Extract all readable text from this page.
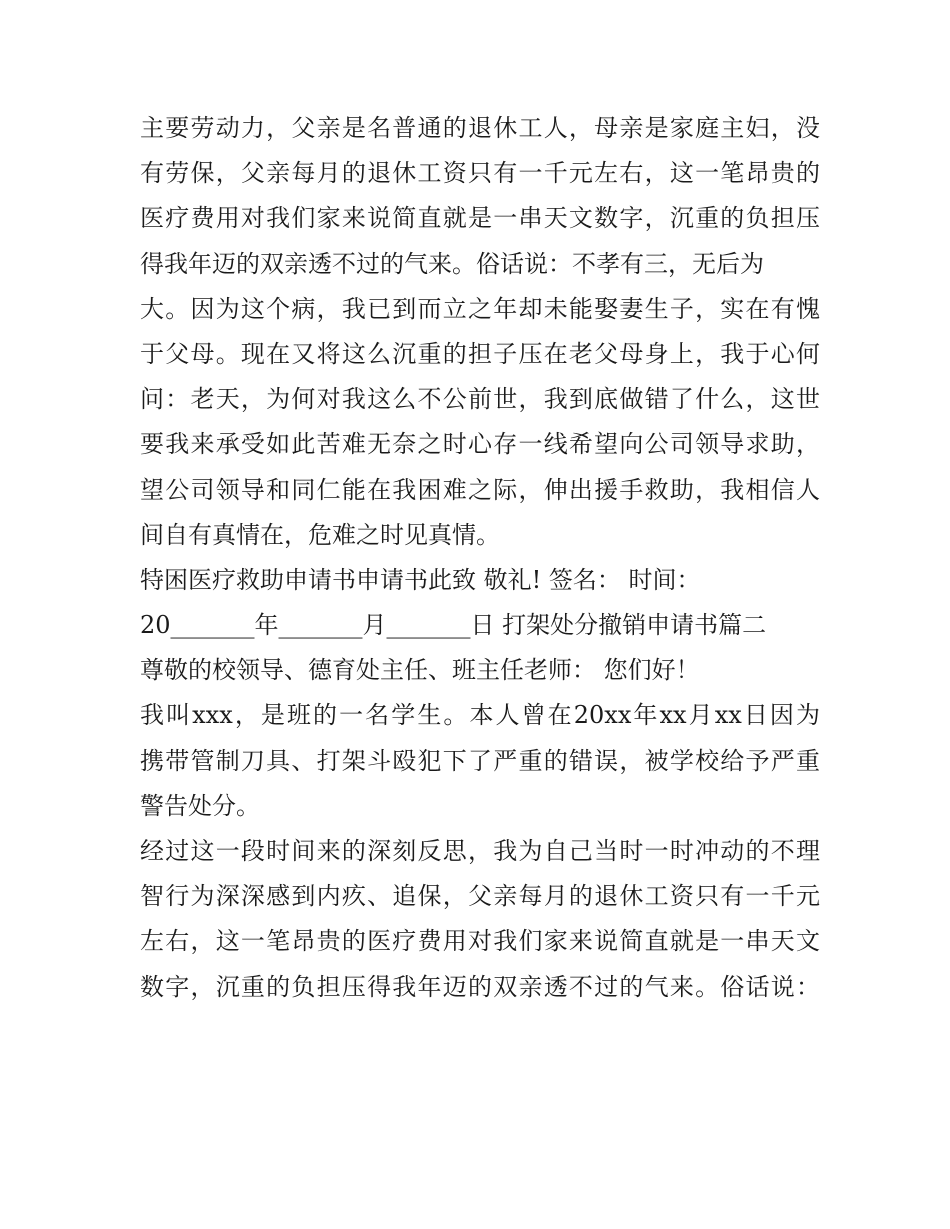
主要劳动力，父亲是名普通的退休工人，母亲是家庭主妇，没
有劳保，父亲每月的退休工资只有一千元左右，这一笔昂贵的
医疗费用对我们家来说简直就是一串天文数字，沉重的负担压
得我年迈的双亲透不过的气来。俗话说：不孝有三，无后为
大。因为这个病，我已到而立之年却未能娶妻生子，实在有愧
于父母。现在又将这么沉重的担子压在老父母身上，我于心何
问：老天，为何对我这么不公前世，我到底做错了什么，这世
要我来承受如此苦难无奈之时心存一线希望向公司领导求助，
望公司领导和同仁能在我困难之际，伸出援手救助，我相信人
间自有真情在，危难之时见真情。
特困医疗救助申请书申请书此致 敬礼! 签名： 时间：
20_______年_______月_______日 打架处分撤销申请书篇二
尊敬的校领导、德育处主任、班主任老师： 您们好！
我叫xxx，是班的一名学生。本人曾在20xx年xx月xx日因为
携带管制刀具、打架斗殴犯下了严重的错误，被学校给予严重
警告处分。
经过这一段时间来的深刻反思，我为自己当时一时冲动的不理
智行为深深感到内疚、追保，父亲每月的退休工资只有一千元
左右，这一笔昂贵的医疗费用对我们家来说简直就是一串天文
数字，沉重的负担压得我年迈的双亲透不过的气来。俗话说：
